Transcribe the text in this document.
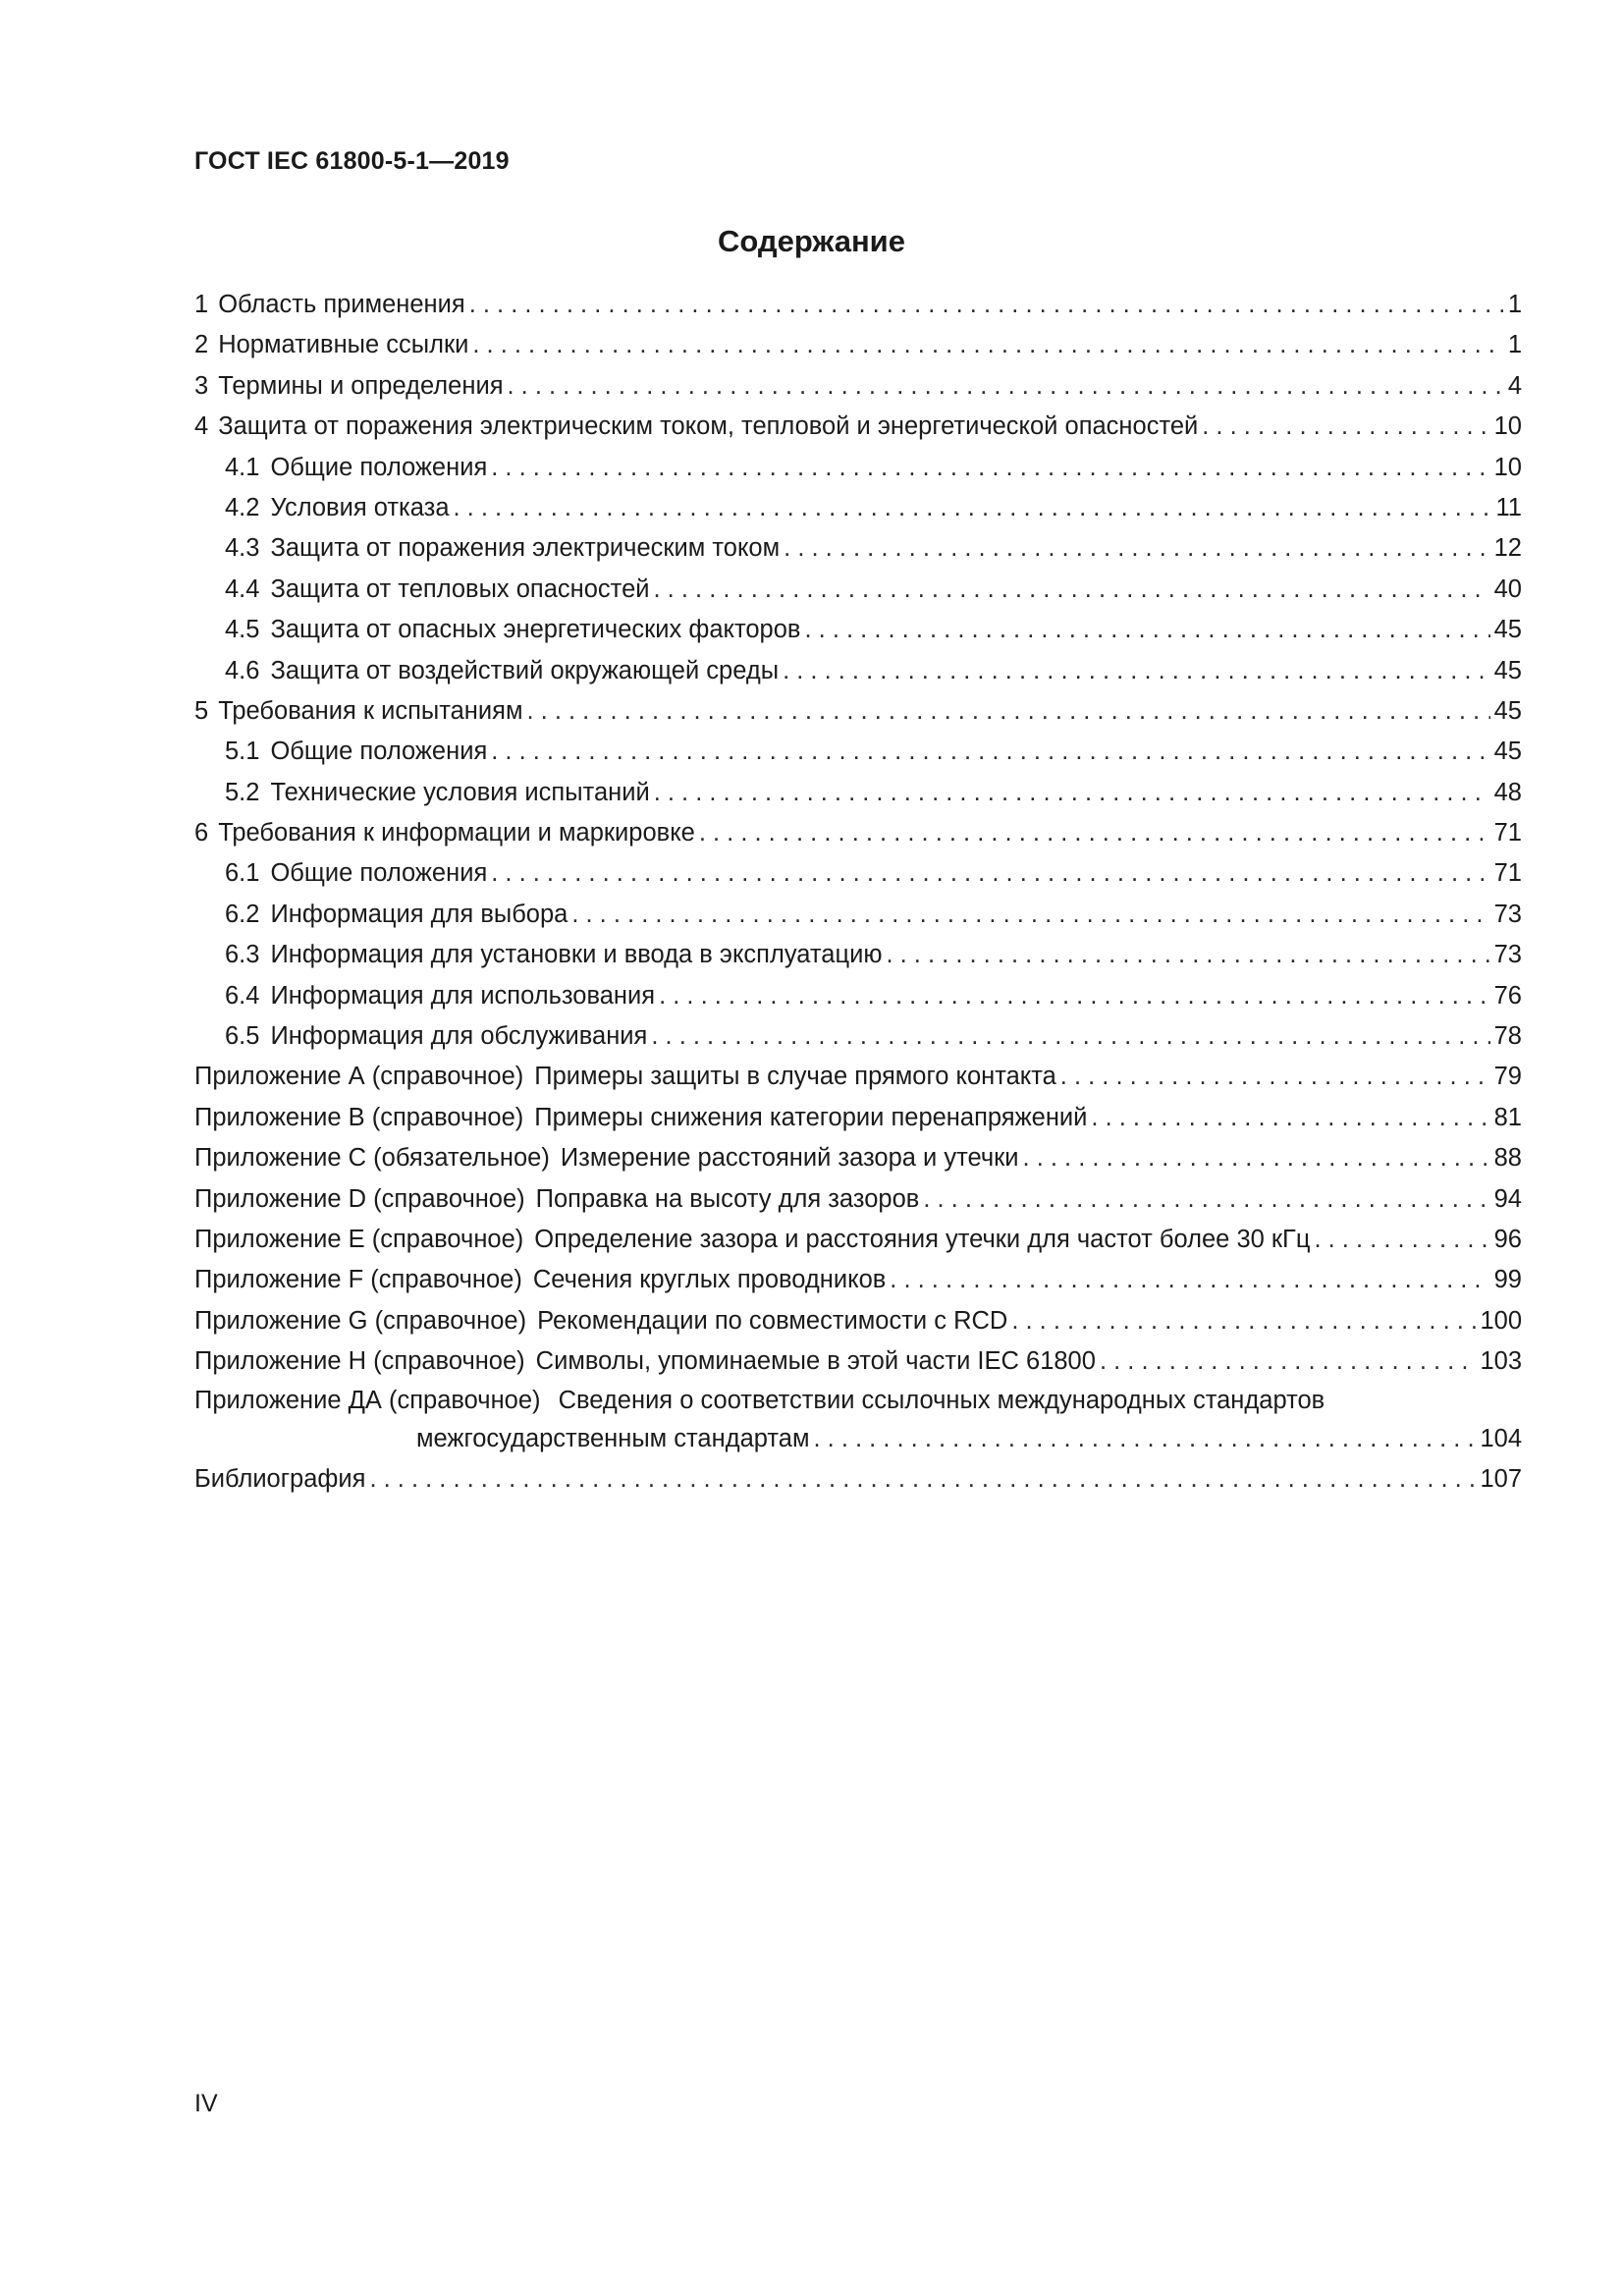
ГОСТ IEC 61800-5-1—2019
Содержание
1 Область применения . . .	1
2 Нормативные ссылки . . .	1
3 Термины и определения . . .	4
4 Защита от поражения электрическим током, тепловой и энергетической опасностей . . .	10
4.1 Общие положения . . .	10
4.2 Условия отказа . . .	11
4.3 Защита от поражения электрическим током . . .	12
4.4 Защита от тепловых опасностей . . .	40
4.5 Защита от опасных энергетических факторов . . .	45
4.6 Защита от воздействий окружающей среды . . .	45
5 Требования к испытаниям . . .	45
5.1 Общие положения . . .	45
5.2 Технические условия испытаний . . .	48
6 Требования к информации и маркировке . . .	71
6.1 Общие положения . . .	71
6.2 Информация для выбора . . .	73
6.3 Информация для установки и ввода в эксплуатацию . . .	73
6.4 Информация для использования . . .	76
6.5 Информация для обслуживания . . .	78
Приложение А (справочное) Примеры защиты в случае прямого контакта . . .	79
Приложение В (справочное) Примеры снижения категории перенапряжений . . .	81
Приложение С (обязательное) Измерение расстояний зазора и утечки . . .	88
Приложение D (справочное) Поправка на высоту для зазоров . . .	94
Приложение Е (справочное) Определение зазора и расстояния утечки для частот более 30 кГц . . .	96
Приложение F (справочное) Сечения круглых проводников . . .	99
Приложение G (справочное) Рекомендации по совместимости с RCD . . .	100
Приложение Н (справочное) Символы, упоминаемые в этой части IEC 61800 . . .	103
Приложение ДА (справочное) Сведения о соответствии ссылочных международных стандартов
межгосударственным стандартам . . .	104
Библиография . . .	107
IV
